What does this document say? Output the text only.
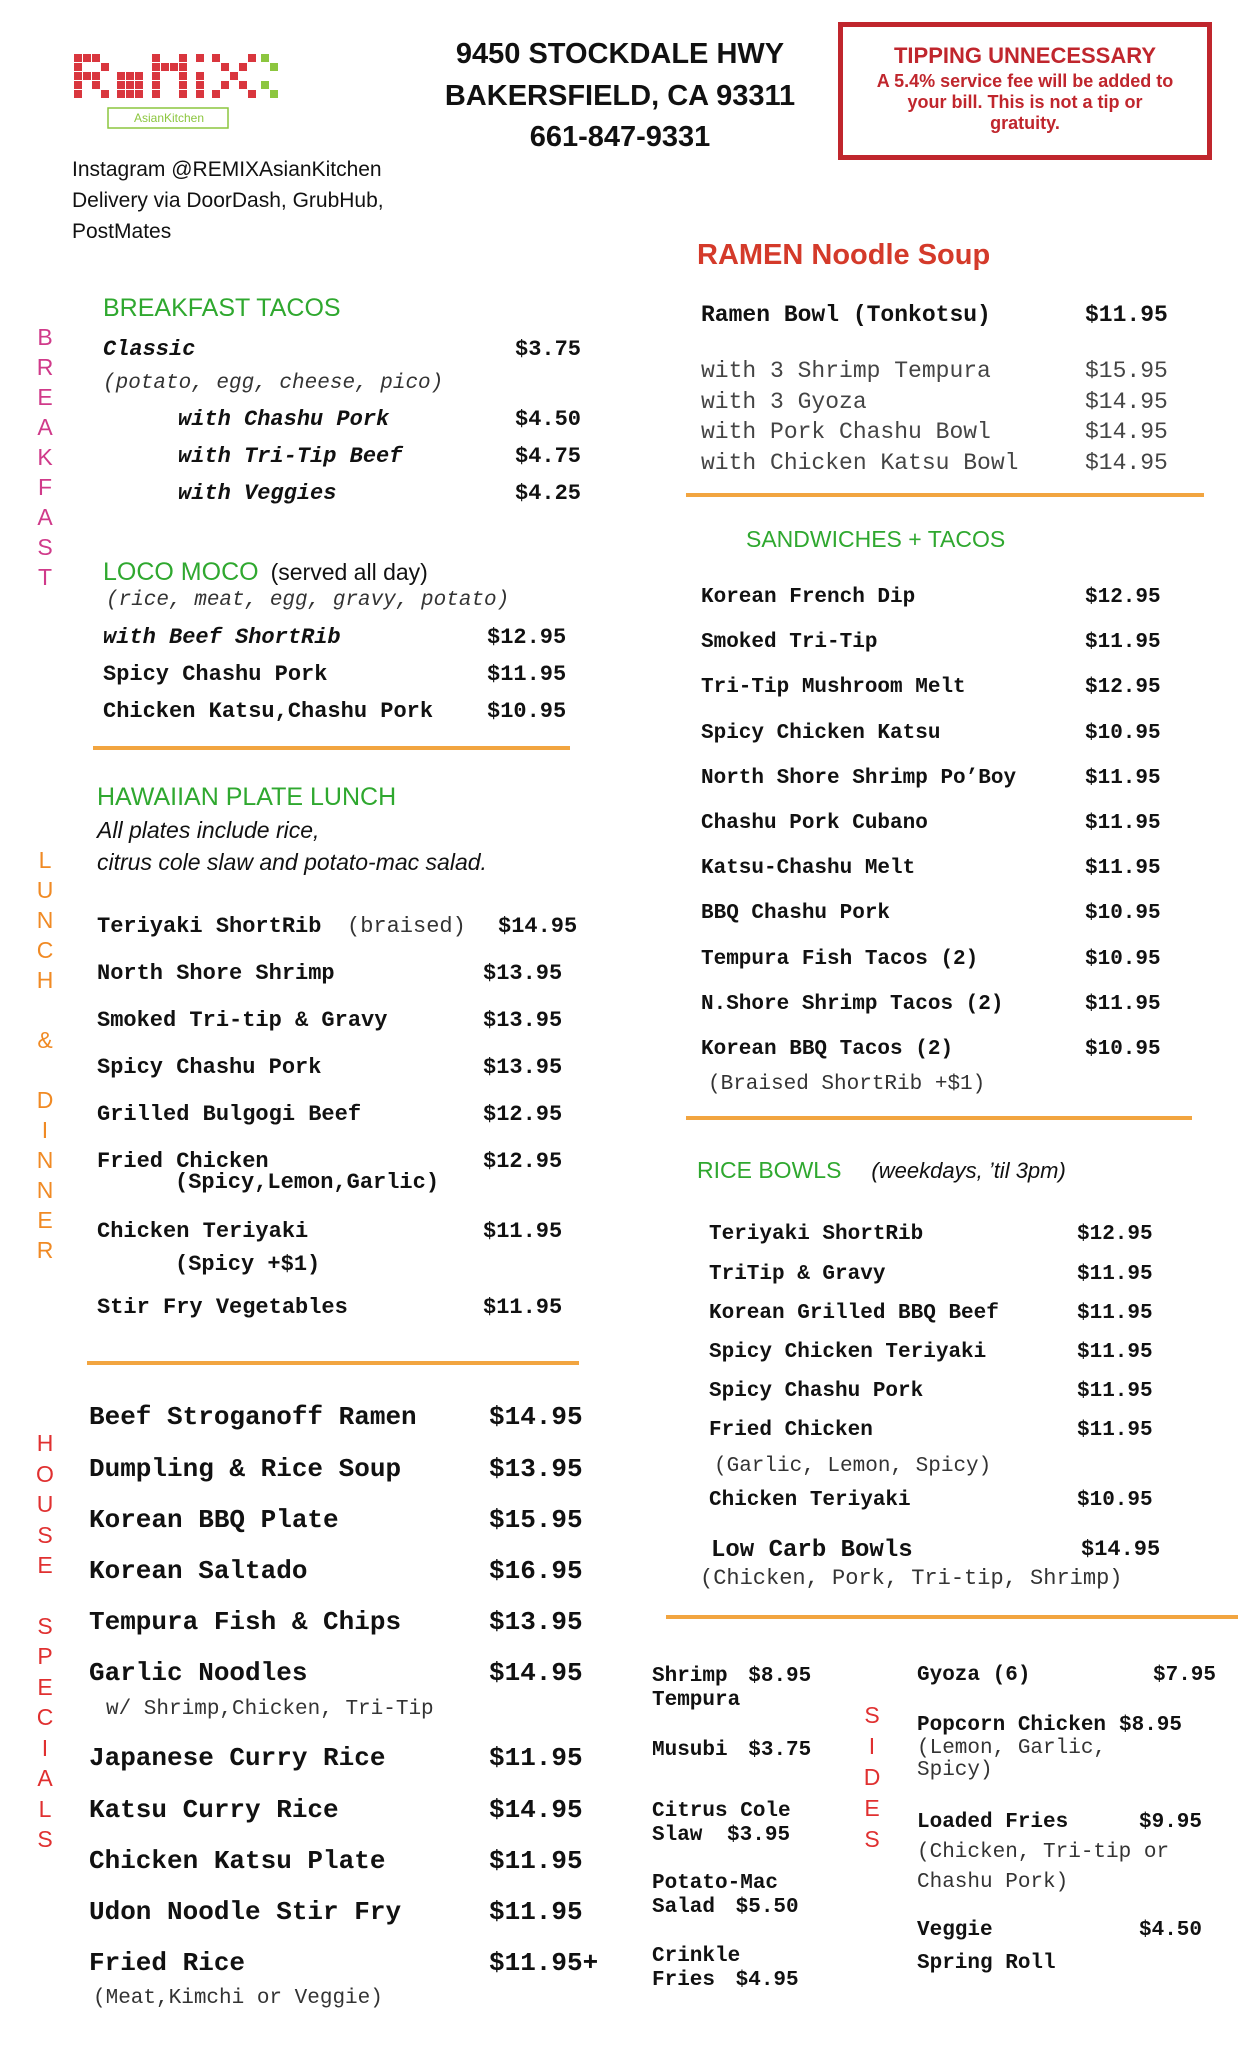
AsianKitchen
Instagram @REMIXAsianKitchen
Delivery via DoorDash, GrubHub,
PostMates
9450 STOCKDALE HWY
BAKERSFIELD, CA 93311
661-847-9331
TIPPING UNNECESSARY
A 5.4% service fee will be added to
your bill. This is not a tip or
gratuity.
B
R
E
A
K
F
A
S
T
L
U
N
C
H
&
D
I
N
N
E
R
H
O
U
S
E
S
P
E
C
I
A
L
S
S
I
D
E
S
BREAKFAST TACOS
Classic	$3.75
(potato, egg, cheese, pico)
with Chashu Pork	$4.50
with Tri-Tip Beef	$4.75
with Veggies	$4.25
LOCO MOCO (served all day)
(rice, meat, egg, gravy, potato)
with Beef ShortRib	$12.95
Spicy Chashu Pork	$11.95
Chicken Katsu,Chashu Pork $10.95
HAWAIIAN PLATE LUNCH
All plates include rice,
citrus cole slaw and potato-mac salad.
Teriyaki ShortRib (braised) $14.95
North Shore Shrimp	$13.95
Smoked Tri-tip & Gravy	$13.95
Spicy Chashu Pork	$13.95
Grilled Bulgogi Beef	$12.95
Fried Chicken	$12.95
(Spicy,Lemon,Garlic)
Chicken Teriyaki	$11.95
(Spicy +$1)
Stir Fry Vegetables	$11.95
Beef Stroganoff Ramen	$14.95
Dumpling & Rice Soup	$13.95
Korean BBQ Plate	$15.95
Korean Saltado	$16.95
Tempura Fish & Chips	$13.95
Garlic Noodles	$14.95
Japanese Curry Rice	$11.95
Katsu Curry Rice	$14.95
Chicken Katsu Plate	$11.95
Udon Noodle Stir Fry	$11.95
Fried Rice	$11.95+
w/ Shrimp,Chicken, Tri-Tip
(Meat,Kimchi or Veggie)
RAMEN Noodle Soup
Ramen Bowl (Tonkotsu)	$11.95
with 3 Shrimp Tempura	$15.95
with 3 Gyoza	$14.95
with Pork Chashu Bowl	$14.95
with Chicken Katsu Bowl	$14.95
SANDWICHES + TACOS
Korean French Dip	$12.95
Smoked Tri-Tip	$11.95
Tri-Tip Mushroom Melt	$12.95
Spicy Chicken Katsu	$10.95
North Shore Shrimp Po’Boy	$11.95
Chashu Pork Cubano	$11.95
Katsu-Chashu Melt	$11.95
BBQ Chashu Pork	$10.95
Tempura Fish Tacos (2)	$10.95
N.Shore Shrimp Tacos (2)	$11.95
Korean BBQ Tacos (2)	$10.95
(Braised ShortRib +$1)
RICE BOWLS (weekdays, ’til 3pm)
Teriyaki ShortRib	$12.95
TriTip & Gravy	$11.95
Korean Grilled BBQ Beef	$11.95
Spicy Chicken Teriyaki	$11.95
Spicy Chashu Pork	$11.95
Fried Chicken	$11.95
Chicken Teriyaki	$10.95
(Garlic, Lemon, Spicy)
Low Carb Bowls	$14.95
(Chicken, Pork, Tri-tip, Shrimp)
Shrimp $8.95
Tempura
Musubi $3.75
Citrus Cole
Slaw $3.95
Potato-Mac
Salad $5.50
Crinkle
Fries $4.95
Gyoza (6)	$7.95
Popcorn Chicken $8.95
(Lemon, Garlic,
Spicy)
Loaded Fries	$9.95
(Chicken, Tri-tip or
Chashu Pork)
Veggie	$4.50

Spring Roll
